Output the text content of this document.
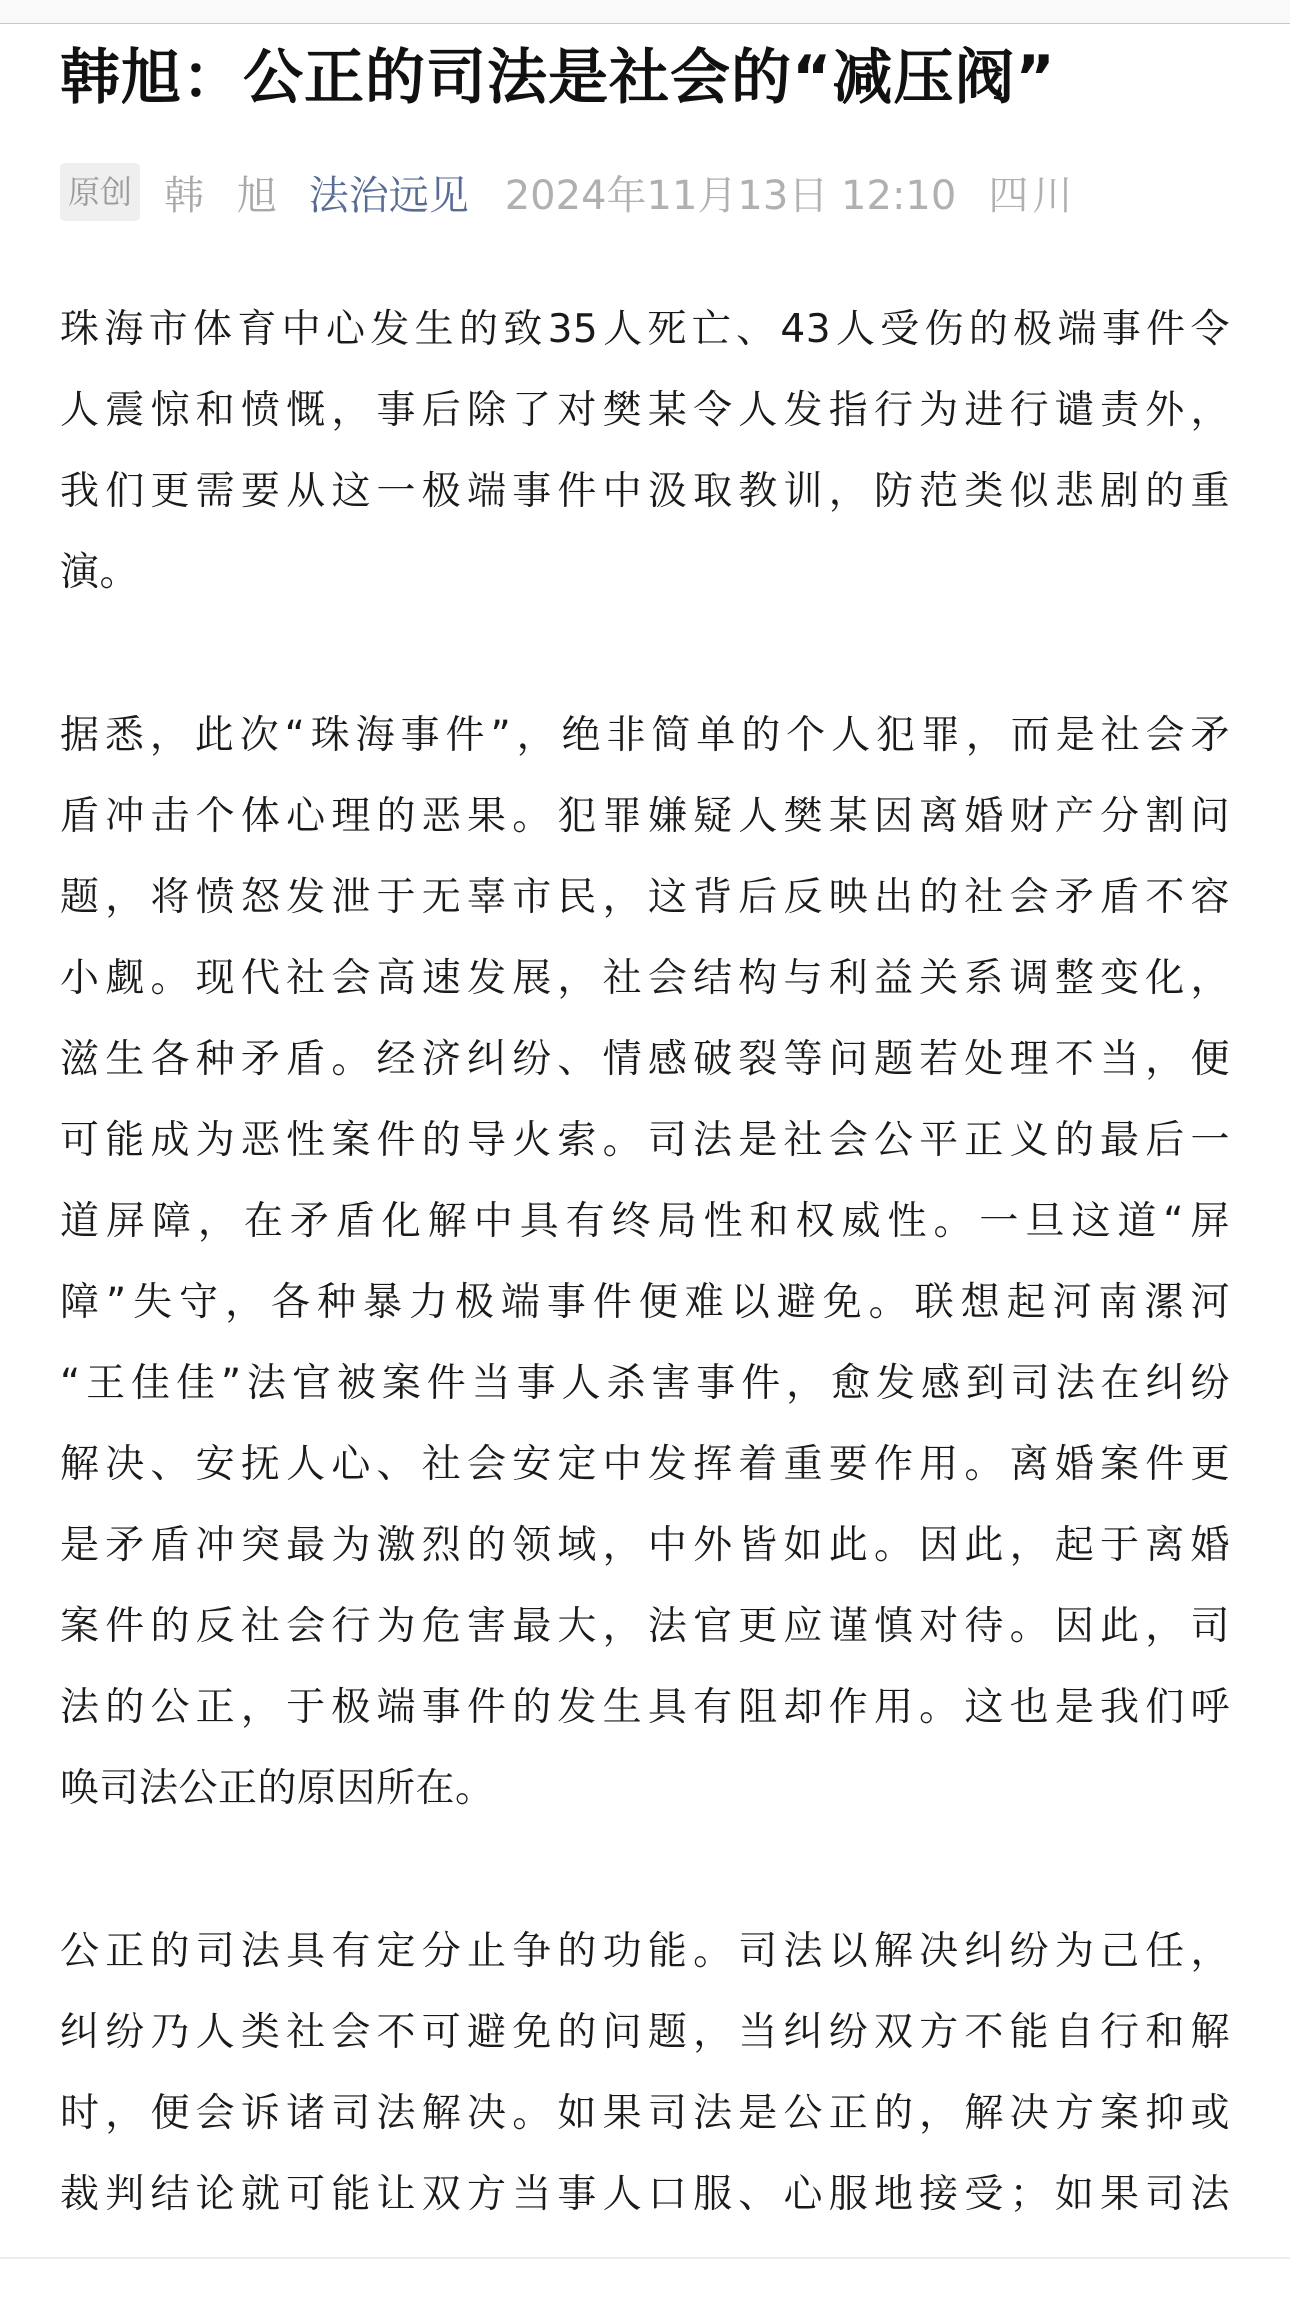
韩旭：公正的司法是社会的“减压阀”
原创 韩 旭 法治远见 2024年11月13日 12:10 四川

珠海市体育中心发生的致35人死亡、43人受伤的极端事件令
人震惊和愤慨，事后除了对樊某令人发指行为进行谴责外，
我们更需要从这一极端事件中汲取教训，防范类似悲剧的重
演。

据悉，此次“珠海事件”，绝非简单的个人犯罪，而是社会矛
盾冲击个体心理的恶果。犯罪嫌疑人樊某因离婚财产分割问
题，将愤怒发泄于无辜市民，这背后反映出的社会矛盾不容
小觑。现代社会高速发展，社会结构与利益关系调整变化，
滋生各种矛盾。经济纠纷、情感破裂等问题若处理不当，便
可能成为恶性案件的导火索。司法是社会公平正义的最后一
道屏障，在矛盾化解中具有终局性和权威性。一旦这道“屏
障”失守，各种暴力极端事件便难以避免。联想起河南漯河
“王佳佳”法官被案件当事人杀害事件，愈发感到司法在纠纷
解决、安抚人心、社会安定中发挥着重要作用。离婚案件更
是矛盾冲突最为激烈的领域，中外皆如此。因此，起于离婚
案件的反社会行为危害最大，法官更应谨慎对待。因此，司
法的公正，于极端事件的发生具有阻却作用。这也是我们呼
唤司法公正的原因所在。

公正的司法具有定分止争的功能。司法以解决纠纷为己任，
纠纷乃人类社会不可避免的问题，当纠纷双方不能自行和解
时，便会诉诸司法解决。如果司法是公正的，解决方案抑或
裁判结论就可能让双方当事人口服、心服地接受；如果司法
